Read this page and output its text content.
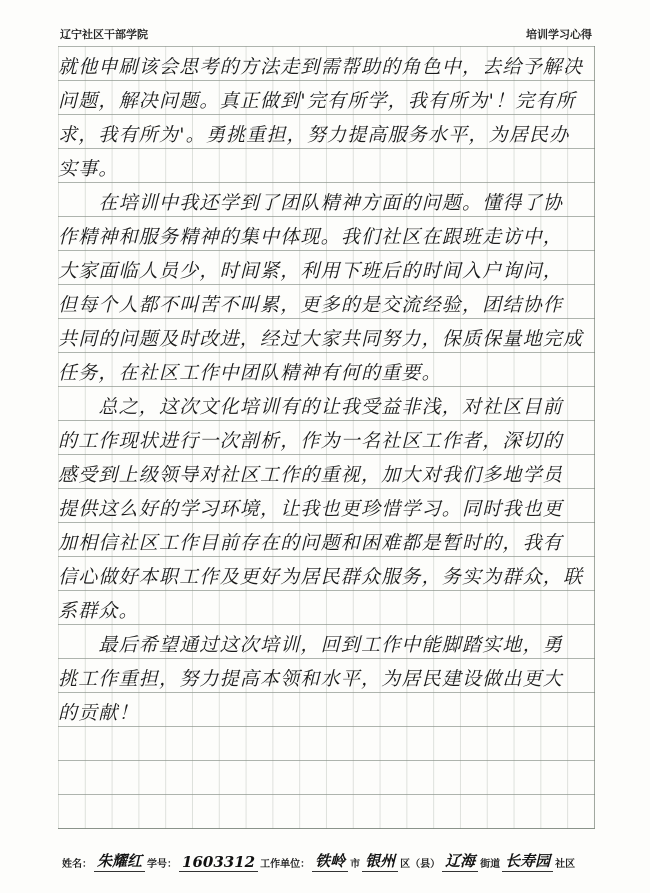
辽宁社区干部学院	培训学习心得
就他申刷该会思考的方法走到需帮助的角色中，去给予解决
问题，解决问题。真正做到'完有所学，我有所为'！完有所
求，我有所为'。勇挑重担，努力提高服务水平，为居民办
实事。
　　在培训中我还学到了团队精神方面的问题。懂得了协
作精神和服务精神的集中体现。我们社区在跟班走访中，
大家面临人员少，时间紧，利用下班后的时间入户询问，
但每个人都不叫苦不叫累，更多的是交流经验，团结协作
共同的问题及时改进，经过大家共同努力，保质保量地完成
任务，在社区工作中团队精神有何的重要。
　　总之，这次文化培训有的让我受益非浅，对社区目前
的工作现状进行一次剖析，作为一名社区工作者，深切的
感受到上级领导对社区工作的重视，加大对我们多地学员
提供这么好的学习环境，让我也更珍惜学习。同时我也更
加相信社区工作目前存在的问题和困难都是暂时的，我有
信心做好本职工作及更好为居民群众服务，务实为群众，联
系群众。
　　最后希望通过这次培训，回到工作中能脚踏实地，勇
挑工作重担，努力提高本领和水平，为居民建设做出更大
的贡献！
姓名： 朱耀红 学号： 1603312 工作单位： 铁岭 市 银州 区（县） 辽海 街道 长寿园 社区
